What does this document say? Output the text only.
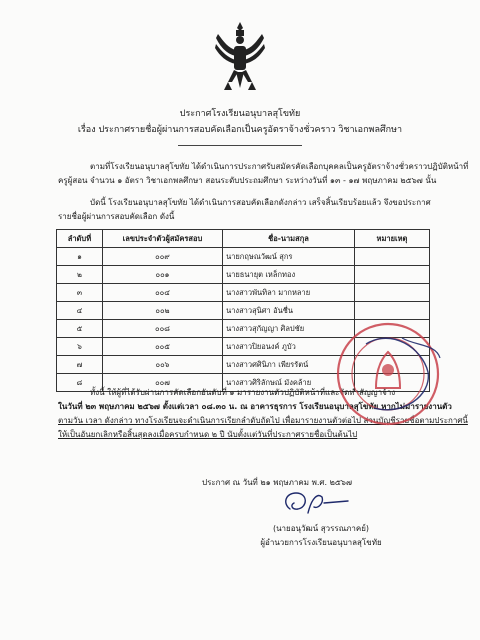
ประกาศโรงเรียนอนุบาลสุโขทัย
เรื่อง ประกาศรายชื่อผู้ผ่านการสอบคัดเลือกเป็นครูอัตราจ้างชั่วคราว วิชาเอกพลศึกษา
ตามที่โรงเรียนอนุบาลสุโขทัย ได้ดำเนินการประกาศรับสมัครคัดเลือกบุคคลเป็นครูอัตราจ้างชั่วคราวปฏิบัติหน้าที่
ครูผู้สอน จำนวน ๑ อัตรา วิชาเอกพลศึกษา สอนระดับประถมศึกษา ระหว่างวันที่ ๑๓ - ๑๗ พฤษภาคม ๒๕๖๗ นั้น
บัดนี้ โรงเรียนอนุบาลสุโขทัย ได้ดำเนินการสอบคัดเลือกดังกล่าว เสร็จสิ้นเรียบร้อยแล้ว จึงขอประกาศ
รายชื่อผู้ผ่านการสอบคัดเลือก ดังนี้
ลำดับที่	เลขประจำตัวผู้สมัครสอบ	ชื่อ-นามสกุล	หมายเหตุ
๑	๐๐๙	นายกฤษณวัฒน์ สุกร	
๒	๐๐๑	นายธนายุต เหล็กทอง	
๓	๐๐๔	นางสาวพันทิลา มากหลาย	
๔	๐๐๒	นางสาวสุนิศา อันชื่น	
๕	๐๐๘	นางสาวสุกัญญา ศิลปชัย	
๖	๐๐๕	นางสาวปิยอนงค์ ภูบัว	
๗	๐๐๖	นางสาวศศินิภา เพียรรัตน์	
๘	๐๐๗	นางสาวศิริลักษณ์ มังคล้าย	
ทั้งนี้ ให้ผู้ที่ได้รับผ่านการคัดเลือกอันดับที่ ๑ มารายงานตัวปฏิบัติหน้าที่และจัดทำสัญญาจ้าง
ในวันที่ ๒๓ พฤษภาคม ๒๕๖๗ ตั้งแต่เวลา ๐๘.๓๐ น. ณ อาคารธุรการ โรงเรียนอนุบาลสุโขทัย หากไม่มารายงานตัว
ตามวัน เวลา ดังกล่าว ทางโรงเรียนจะดำเนินการเรียกลำดับถัดไป เพื่อมารายงานตัวต่อไป ส่วนบัญชีรายชื่อตามประกาศนี้
ให้เป็นอันยกเลิกหรือสิ้นสุดลงเมื่อครบกำหนด ๒ ปี นับตั้งแต่วันที่ประกาศรายชื่อเป็นต้นไป
ประกาศ ณ วันที่ ๒๑ พฤษภาคม พ.ศ. ๒๕๖๗
(นายอนุวัฒน์ สุวรรณภาคย์)
ผู้อำนวยการโรงเรียนอนุบาลสุโขทัย
